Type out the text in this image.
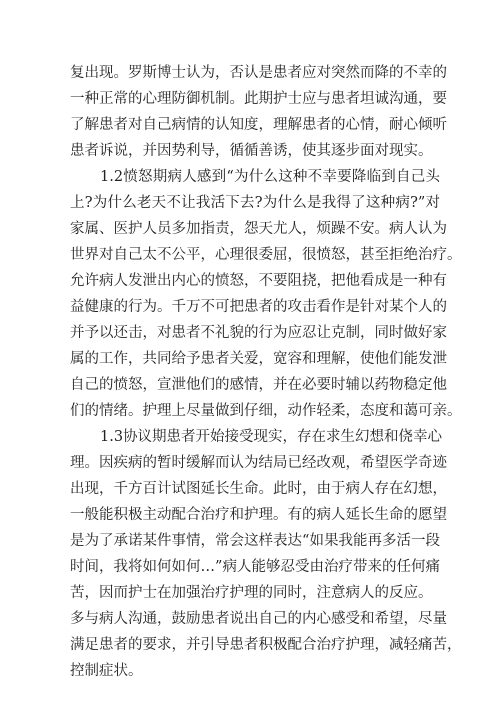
复出现。罗斯博士认为，否认是患者应对突然而降的不幸的
一种正常的心理防御机制。此期护士应与患者坦诚沟通，要
了解患者对自己病情的认知度，理解患者的心情，耐心倾听
患者诉说，并因势利导，循循善诱，使其逐步面对现实。
1.2愤怒期病人感到“为什么这种不幸要降临到自己头
上?为什么老天不让我活下去?为什么是我得了这种病?”对
家属、医护人员多加指责，怨天尤人，烦躁不安。病人认为
世界对自己太不公平，心理很委屈，很愤怒，甚至拒绝治疗。
允许病人发泄出内心的愤怒，不要阻挠，把他看成是一种有
益健康的行为。千万不可把患者的攻击看作是针对某个人的
并予以还击，对患者不礼貌的行为应忍让克制，同时做好家
属的工作，共同给予患者关爱，宽容和理解，使他们能发泄
自己的愤怒，宣泄他们的感情，并在必要时辅以药物稳定他
们的情绪。护理上尽量做到仔细，动作轻柔，态度和蔼可亲。
1.3协议期患者开始接受现实，存在求生幻想和侥幸心
理。因疾病的暂时缓解而认为结局已经改观，希望医学奇迹
出现，千方百计试图延长生命。此时，由于病人存在幻想，
一般能积极主动配合治疗和护理。有的病人延长生命的愿望
是为了承诺某件事情，常会这样表达“如果我能再多活一段
时间，我将如何如何…”病人能够忍受由治疗带来的任何痛
苦，因而护士在加强治疗护理的同时，注意病人的反应。
多与病人沟通，鼓励患者说出自己的内心感受和希望，尽量
满足患者的要求，并引导患者积极配合治疗护理，减轻痛苦，
控制症状。
